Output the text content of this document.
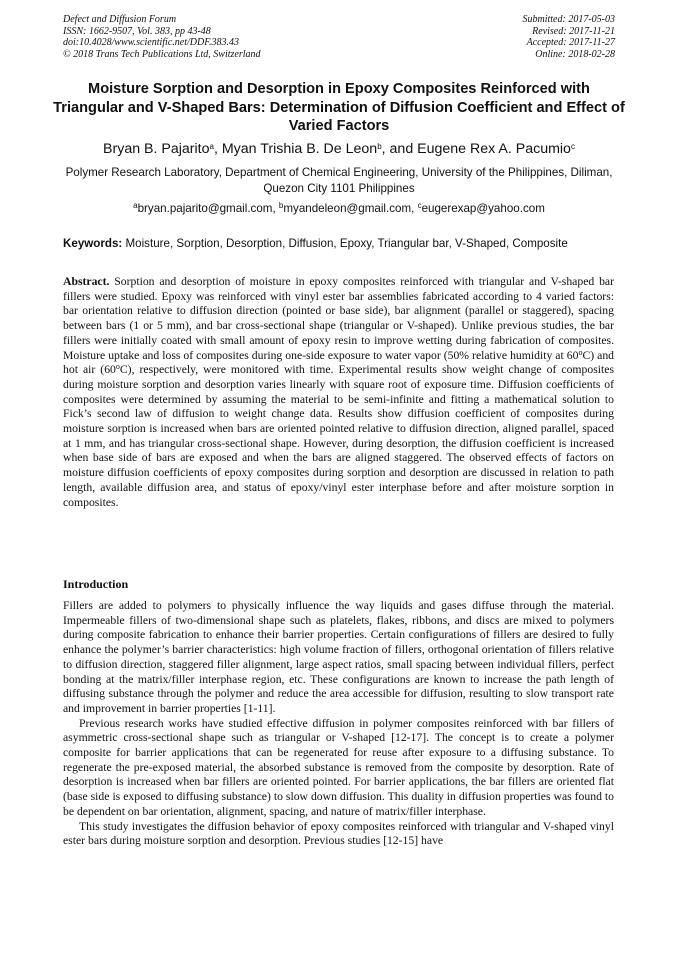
Defect and Diffusion Forum
ISSN: 1662-9507, Vol. 383, pp 43-48
doi:10.4028/www.scientific.net/DDF.383.43
© 2018 Trans Tech Publications Ltd, Switzerland
Submitted: 2017-05-03
Revised: 2017-11-21
Accepted: 2017-11-27
Online: 2018-02-28
Moisture Sorption and Desorption in Epoxy Composites Reinforced with Triangular and V-Shaped Bars: Determination of Diffusion Coefficient and Effect of Varied Factors
Bryan B. Pajarito$^a$, Myan Trishia B. De Leon$^b$, and Eugene Rex A. Pacumio$^c$
Polymer Research Laboratory, Department of Chemical Engineering, University of the Philippines, Diliman, Quezon City 1101 Philippines
$^a$bryan.pajarito@gmail.com, $^b$myandeleon@gmail.com, $^c$eugerexap@yahoo.com
Keywords: Moisture, Sorption, Desorption, Diffusion, Epoxy, Triangular bar, V-Shaped, Composite
Abstract. Sorption and desorption of moisture in epoxy composites reinforced with triangular and V-shaped bar fillers were studied. Epoxy was reinforced with vinyl ester bar assemblies fabricated according to 4 varied factors: bar orientation relative to diffusion direction (pointed or base side), bar alignment (parallel or staggered), spacing between bars (1 or 5 mm), and bar cross-sectional shape (triangular or V-shaped). Unlike previous studies, the bar fillers were initially coated with small amount of epoxy resin to improve wetting during fabrication of composites. Moisture uptake and loss of composites during one-side exposure to water vapor (50% relative humidity at 60$^o$C) and hot air (60$^o$C), respectively, were monitored with time. Experimental results show weight change of composites during moisture sorption and desorption varies linearly with square root of exposure time. Diffusion coefficients of composites were determined by assuming the material to be semi-infinite and fitting a mathematical solution to Fick’s second law of diffusion to weight change data. Results show diffusion coefficient of composites during moisture sorption is increased when bars are oriented pointed relative to diffusion direction, aligned parallel, spaced at 1 mm, and has triangular cross-sectional shape. However, during desorption, the diffusion coefficient is increased when base side of bars are exposed and when the bars are aligned staggered. The observed effects of factors on moisture diffusion coefficients of epoxy composites during sorption and desorption are discussed in relation to path length, available diffusion area, and status of epoxy/vinyl ester interphase before and after moisture sorption in composites.
Introduction

Fillers are added to polymers to physically influence the way liquids and gases diffuse through the material. Impermeable fillers of two-dimensional shape such as platelets, flakes, ribbons, and discs are mixed to polymers during composite fabrication to enhance their barrier properties. Certain configurations of fillers are desired to fully enhance the polymer’s barrier characteristics: high volume fraction of fillers, orthogonal orientation of fillers relative to diffusion direction, staggered filler alignment, large aspect ratios, small spacing between individual fillers, perfect bonding at the matrix/filler interphase region, etc. These configurations are known to increase the path length of diffusing substance through the polymer and reduce the area accessible for diffusion, resulting to slow transport rate and improvement in barrier properties [1-11].

Previous research works have studied effective diffusion in polymer composites reinforced with bar fillers of asymmetric cross-sectional shape such as triangular or V-shaped [12-17]. The concept is to create a polymer composite for barrier applications that can be regenerated for reuse after exposure to a diffusing substance. To regenerate the pre-exposed material, the absorbed substance is removed from the composite by desorption. Rate of desorption is increased when bar fillers are oriented pointed. For barrier applications, the bar fillers are oriented flat (base side is exposed to diffusing substance) to slow down diffusion. This duality in diffusion properties was found to be dependent on bar orientation, alignment, spacing, and nature of matrix/filler interphase.

This study investigates the diffusion behavior of epoxy composites reinforced with triangular and V-shaped vinyl ester bars during moisture sorption and desorption. Previous studies [12-15] have
